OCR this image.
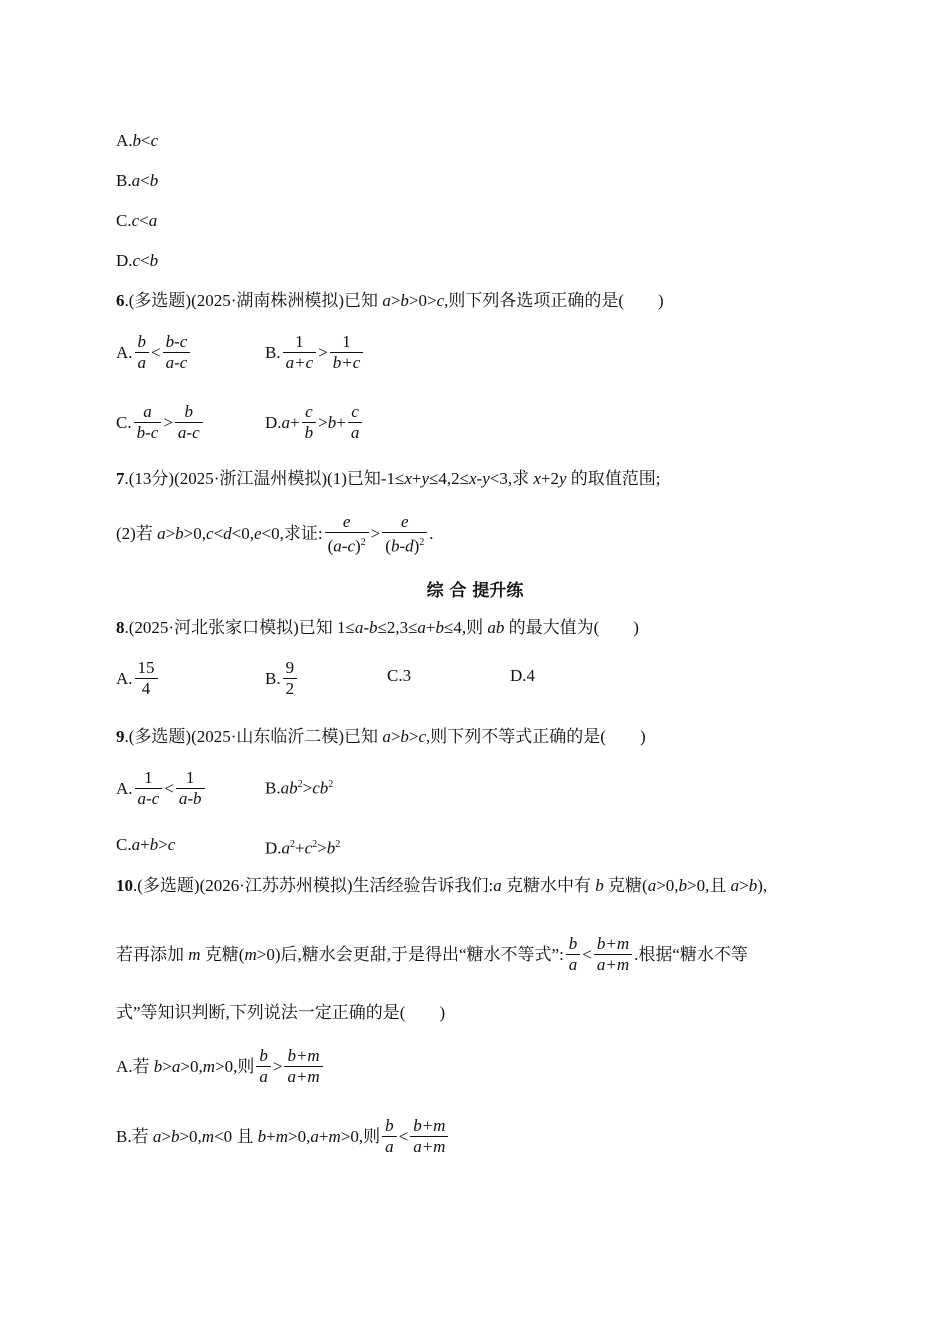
A.b<c
B.a<b
C.c<a
D.c<b
6.(多选题)(2025·湖南株洲模拟)已知 a>b>0>c,则下列各选项正确的是(　　)
A. $\frac{b}{a} < \frac{b-c}{a-c}$	B. $\frac{1}{a+c} > \frac{1}{b+c}$
C. $\frac{a}{b-c} > \frac{b}{a-c}$	$D.a+ \frac{c}{b} >b+ \frac{c}{a}$
7.(13分)(2025·浙江温州模拟)(1)已知-1≤x+y≤4,2≤x-y<3,求 x+2y 的取值范围;
(2)若 a>b>0,c<d<0,e<0,求证: $\frac{e}{(a-c)^2} > \frac{e}{(b-d)^2}$ .
综 合 提升练
8.(2025·河北张家口模拟)已知 1≤a-b≤2,3≤a+b≤4,则 ab 的最大值为(　　)
A. $\frac{15}{4}$	B. $\frac{9}{2}$	C.3	D.4
9.(多选题)(2025·山东临沂二模)已知 a>b>c,则下列不等式正确的是(　　)
A. $\frac{1}{a-c} < \frac{1}{a-b}$	$B.ab^2>cb^2$
C.a+b>c	$D.a^2+c^2>b^2$
10.(多选题)(2026·江苏苏州模拟)生活经验告诉我们:a 克糖水中有 b 克糖(a>0,b>0,且 a>b),
若再添加 m 克糖(m>0)后,糖水会更甜,于是得出“糖水不等式”: $\frac{b}{a} < \frac{b+m}{a+m}$ .根据“糖水不等
式”等知识判断,下列说法一定正确的是(　　)
A.若 b>a>0,m>0,则 $\frac{b}{a} > \frac{b+m}{a+m}$
B.若 a>b>0,m<0 且 b+m>0,a+m>0,则 $\frac{b}{a} < \frac{b+m}{a+m}$
